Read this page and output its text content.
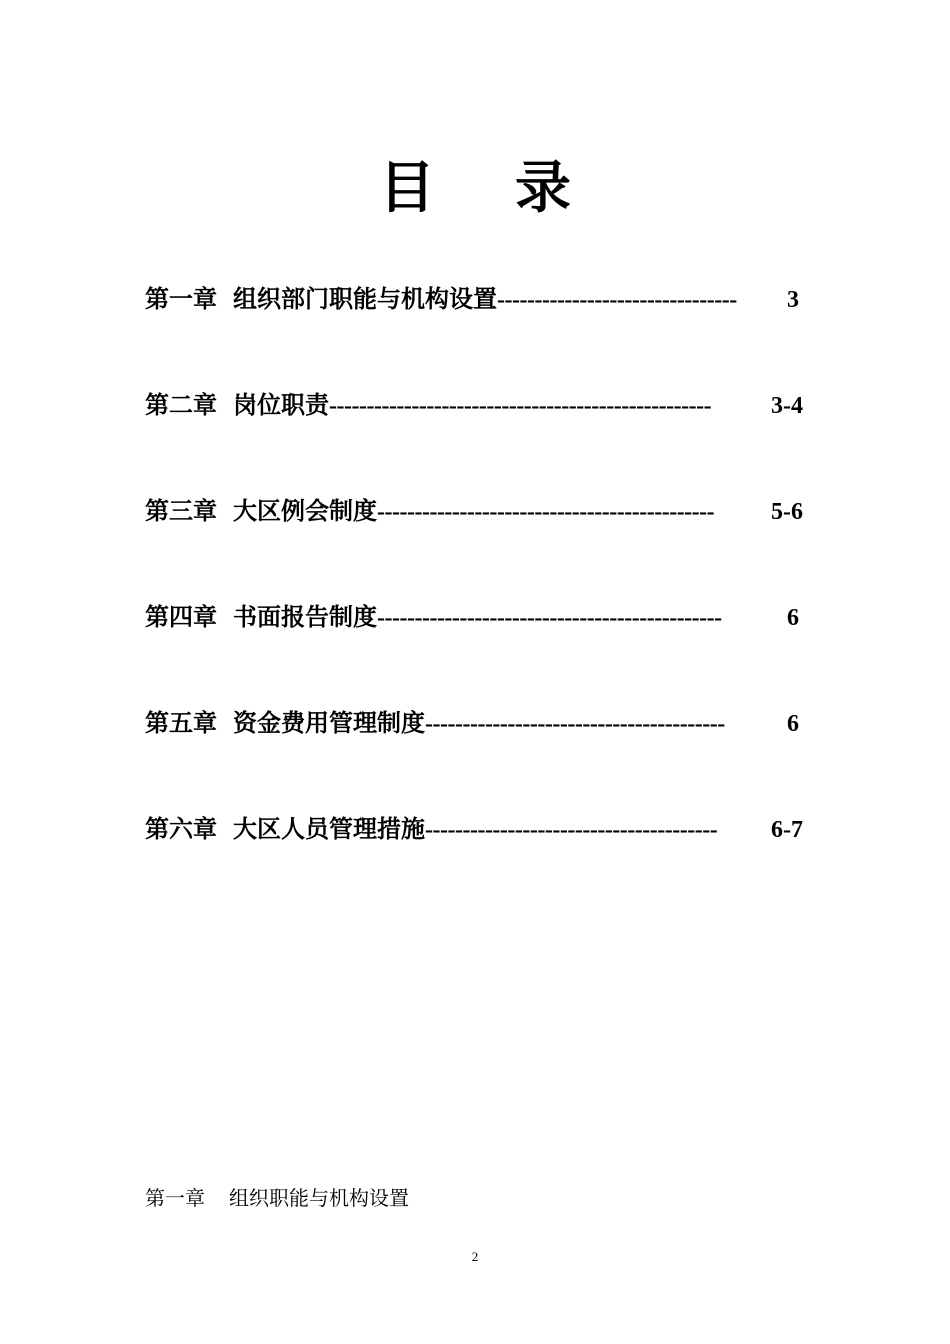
目 录
第一章 组织部门职能与机构设置 --------------------------------	3
第二章 岗位职责 ---------------------------------------------------	3-4
第三章 大区例会制度 ---------------------------------------------	5-6
第四章 书面报告制度 ----------------------------------------------	6
第五章 资金费用管理制度 ----------------------------------------	6
第六章 大区人员管理措施 ---------------------------------------	6-7
第一章 组织职能与机构设置
2
